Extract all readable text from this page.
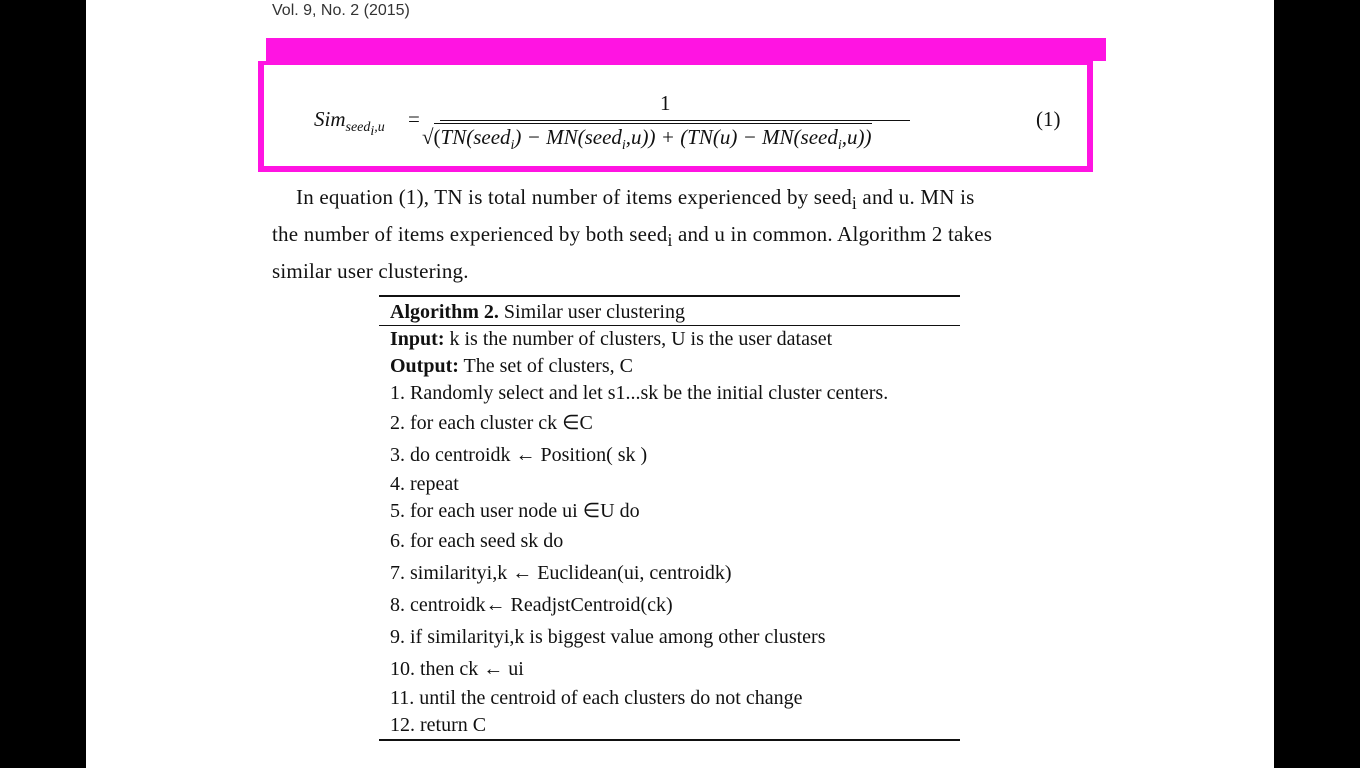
Vol. 9, No. 2 (2015)
Sim$_{seed_i,u}$ =
1
√(TN(seed$_i$) − MN(seed$_i$,u)) + (TN(u) − MN(seed$_i$,u))
(1)

In equation (1), TN is total number of items experienced by seed$_i$ and u. MN is

the number of items experienced by both seed$_i$ and u in common. Algorithm 2 takes

similar user clustering.

Algorithm 2. Similar user clustering
Input: k is the number of clusters, U is the user dataset
Output: The set of clusters, C
1. Randomly select and let s1...sk be the initial cluster centers.
2. for each cluster ck ∈C
3. do centroidk ← Position( sk )
4. repeat
5. for each user node ui ∈U do
6. for each seed sk do
7. similarityi,k ← Euclidean(ui, centroidk)
8. centroidk← ReadjstCentroid(ck)
9. if similarityi,k is biggest value among other clusters
10. then ck ← ui
11. until the centroid of each clusters do not change
12. return C
